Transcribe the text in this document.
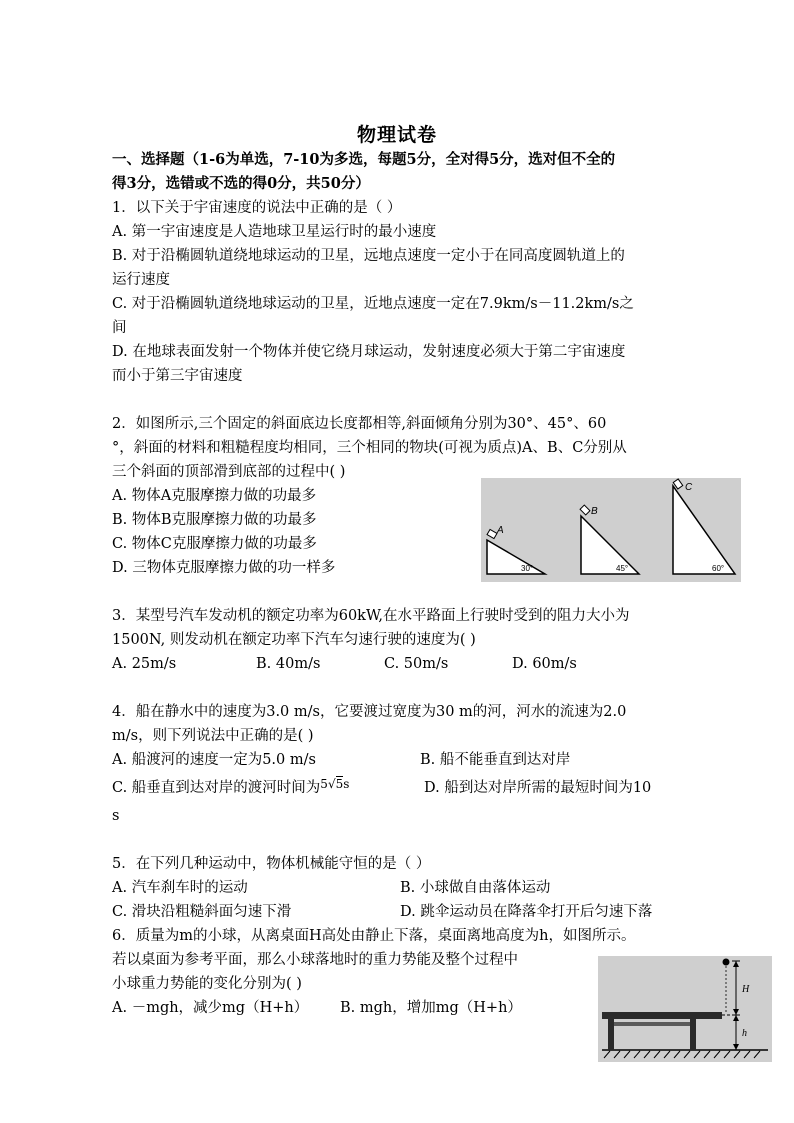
物理试卷
一、选择题（1-6为单选，7-10为多选，每题5分，全对得5分，选对但不全的
得3分，选错或不选的得0分，共50分）
1．以下关于宇宙速度的说法中正确的是（ ）
A. 第一宇宙速度是人造地球卫星运行时的最小速度
B. 对于沿椭圆轨道绕地球运动的卫星，远地点速度一定小于在同高度圆轨道上的
运行速度
C. 对于沿椭圆轨道绕地球运动的卫星，近地点速度一定在7.9km/s－11.2km/s之
间
D. 在地球表面发射一个物体并使它绕月球运动，发射速度必须大于第二宇宙速度
而小于第三宇宙速度
2．如图所示,三个固定的斜面底边长度都相等,斜面倾角分别为30°、45°、60
°，斜面的材料和粗糙程度均相同，三个相同的物块(可视为质点)A、B、C分别从
三个斜面的顶部滑到底部的过程中( )
A. 物体A克服摩擦力做的功最多
B. 物体B克服摩擦力做的功最多
C. 物体C克服摩擦力做的功最多
D. 三物体克服摩擦力做的功一样多
A
30°
B
45°
C
60°
3．某型号汽车发动机的额定功率为60kW,在水平路面上行驶时受到的阻力大小为
1500N, 则发动机在额定功率下汽车匀速行驶的速度为( )
A. 25m/s	B. 40m/s	C. 50m/s	D. 60m/s
4．船在静水中的速度为3.0 m/s，它要渡过宽度为30 m的河，河水的流速为2.0
m/s，则下列说法中正确的是( )
A. 船渡河的速度一定为5.0 m/s	B. 船不能垂直到达对岸
C. 船垂直到达对岸的渡河时间为$^{5√5s}$	D. 船到达对岸所需的最短时间为10
s
5．在下列几种运动中，物体机械能守恒的是（ ）
A. 汽车刹车时的运动	B. 小球做自由落体运动
C. 滑块沿粗糙斜面匀速下滑	D. 跳伞运动员在降落伞打开后匀速下落
6．质量为m的小球，从离桌面H高处由静止下落，桌面离地高度为h，如图所示。
若以桌面为参考平面，那么小球落地时的重力势能及整个过程中
小球重力势能的变化分别为( )
A. －mgh，减少mg（H+h） B. mgh，增加mg（H+h）
H
h
